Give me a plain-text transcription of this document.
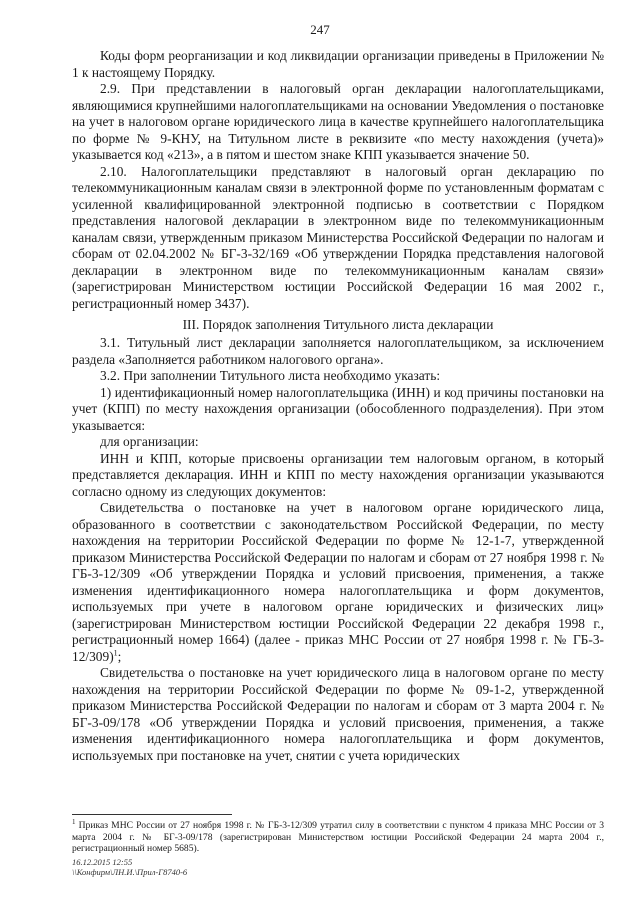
247

Коды форм реорганизации и код ликвидации организации приведены в Приложении № 1 к настоящему Порядку.

2.9. При представлении в налоговый орган декларации налогоплательщиками, являющимися крупнейшими налогоплательщиками на основании Уведомления о постановке на учет в налоговом органе юридического лица в качестве крупнейшего налогоплательщика по форме № 9-КНУ, на Титульном листе в реквизите «по месту нахождения (учета)» указывается код «213», а в пятом и шестом знаке КПП указывается значение 50.

2.10. Налогоплательщики представляют в налоговый орган декларацию по телекоммуникационным каналам связи в электронной форме по установленным форматам с усиленной квалифицированной электронной подписью в соответствии с Порядком представления налоговой декларации в электронном виде по телекоммуникационным каналам связи, утвержденным приказом Министерства Российской Федерации по налогам и сборам от 02.04.2002 № БГ-3-32/169 «Об утверждении Порядка представления налоговой декларации в электронном виде по телекоммуникационным каналам связи» (зарегистрирован Министерством юстиции Российской Федерации 16 мая 2002 г., регистрационный номер 3437).

III. Порядок заполнения Титульного листа декларации

3.1. Титульный лист декларации заполняется налогоплательщиком, за исключением раздела «Заполняется работником налогового органа».

3.2. При заполнении Титульного листа необходимо указать:

1) идентификационный номер налогоплательщика (ИНН) и код причины постановки на учет (КПП) по месту нахождения организации (обособленного подразделения). При этом указывается:

для организации:

ИНН и КПП, которые присвоены организации тем налоговым органом, в который представляется декларация. ИНН и КПП по месту нахождения организации указываются согласно одному из следующих документов:

Свидетельства о постановке на учет в налоговом органе юридического лица, образованного в соответствии с законодательством Российской Федерации, по месту нахождения на территории Российской Федерации по форме № 12-1-7, утвержденной приказом Министерства Российской Федерации по налогам и сборам от 27 ноября 1998 г. № ГБ-3-12/309 «Об утверждении Порядка и условий присвоения, применения, а также изменения идентификационного номера налогоплательщика и форм документов, используемых при учете в налоговом органе юридических и физических лиц» (зарегистрирован Министерством юстиции Российской Федерации 22 декабря 1998 г., регистрационный номер 1664) (далее - приказ МНС России от 27 ноября 1998 г. № ГБ-3-12/309)$^1$;

Свидетельства о постановке на учет юридического лица в налоговом органе по месту нахождения на территории Российской Федерации по форме № 09-1-2, утвержденной приказом Министерства Российской Федерации по налогам и сборам от 3 марта 2004 г. № БГ-3-09/178 «Об утверждении Порядка и условий присвоения, применения, а также изменения идентификационного номера налогоплательщика и форм документов, используемых при постановке на учет, снятии с учета юридических

$^1$ Приказ МНС России от 27 ноября 1998 г. № ГБ-3-12/309 утратил силу в соответствии с пунктом 4 приказа МНС России от 3 марта 2004 г. № БГ-3-09/178 (зарегистрирован Министерством юстиции Российской Федерации 24 марта 2004 г., регистрационный номер 5685).

16.12.2015 12:55
\\Конфирм\ЛН.И.\Прил-Г8740-6
